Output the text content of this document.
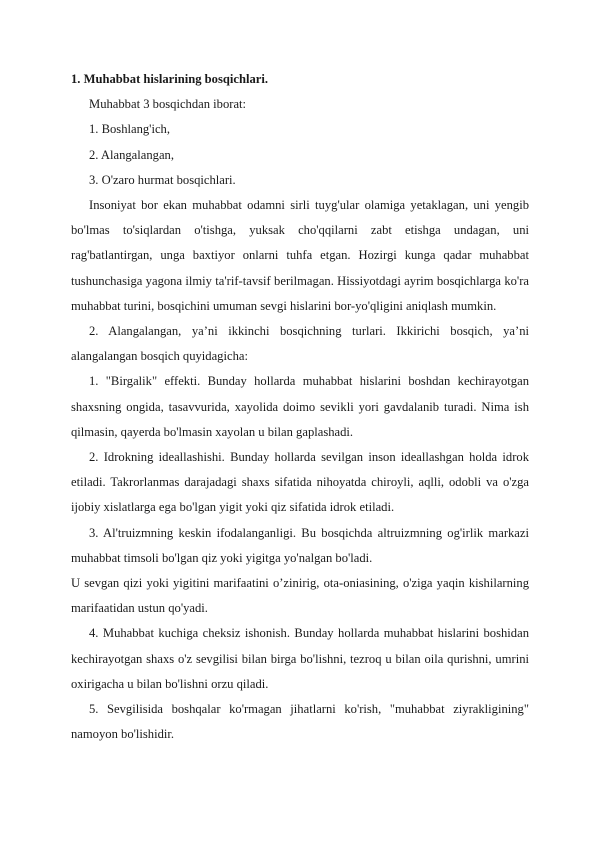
1. Muhabbat hislarining bosqichlari.

Muhabbat 3 bosqichdan iborat:

1. Boshlang'ich,

2. Alangalangan,

3. O'zaro hurmat bosqichlari.

Insoniyat bor ekan muhabbat odamni sirli tuyg'ular olamiga yetaklagan, uni yengib bo'lmas to'siqlardan o'tishga, yuksak cho'qqilarni zabt etishga undagan, uni rag'batlantirgan, unga baxtiyor onlarni tuhfa etgan. Hozirgi kunga qadar muhabbat tushunchasiga yagona ilmiy ta'rif-tavsif berilmagan. Hissiyotdagi ayrim bosqichlarga ko'ra muhabbat turini, bosqichini umuman sevgi hislarini bor-yo'qligini aniqlash mumkin.

2. Alangalangan, ya’ni ikkinchi bosqichning turlari. Ikkirichi bosqich, ya’ni alangalangan bosqich quyidagicha:

1. "Birgalik" effekti. Bunday hollarda muhabbat hislarini boshdan kechirayotgan shaxsning ongida, tasavvurida, xayolida doimo sevikli yori gavdalanib turadi. Nima ish qilmasin, qayerda bo'lmasin xayolan u bilan gaplashadi.

2. Idrokning ideallashishi. Bunday hollarda sevilgan inson ideallashgan holda idrok etiladi. Takrorlanmas darajadagi shaxs sifatida nihoyatda chiroyli, aqlli, odobli va o'zga ijobiy xislatlarga ega bo'lgan yigit yoki qiz sifatida idrok etiladi.

3. Al'truizmning keskin ifodalanganligi. Bu bosqichda altruizmning og'irlik markazi muhabbat timsoli bo'lgan qiz yoki yigitga yo'nalgan bo'ladi.

U sevgan qizi yoki yigitini marifaatini o’zinirig, ota-oniasining, o'ziga yaqin kishilarning marifaatidan ustun qo'yadi.

4. Muhabbat kuchiga cheksiz ishonish. Bunday hollarda muhabbat hislarini boshidan kechirayotgan shaxs o'z sevgilisi bilan birga bo'lishni, tezroq u bilan oila qurishni, umrini oxirigacha u bilan bo'lishni orzu qiladi.

5. Sevgilisida boshqalar ko'rmagan jihatlarni ko'rish, "muhabbat ziyrakligining" namoyon bo'lishidir.
